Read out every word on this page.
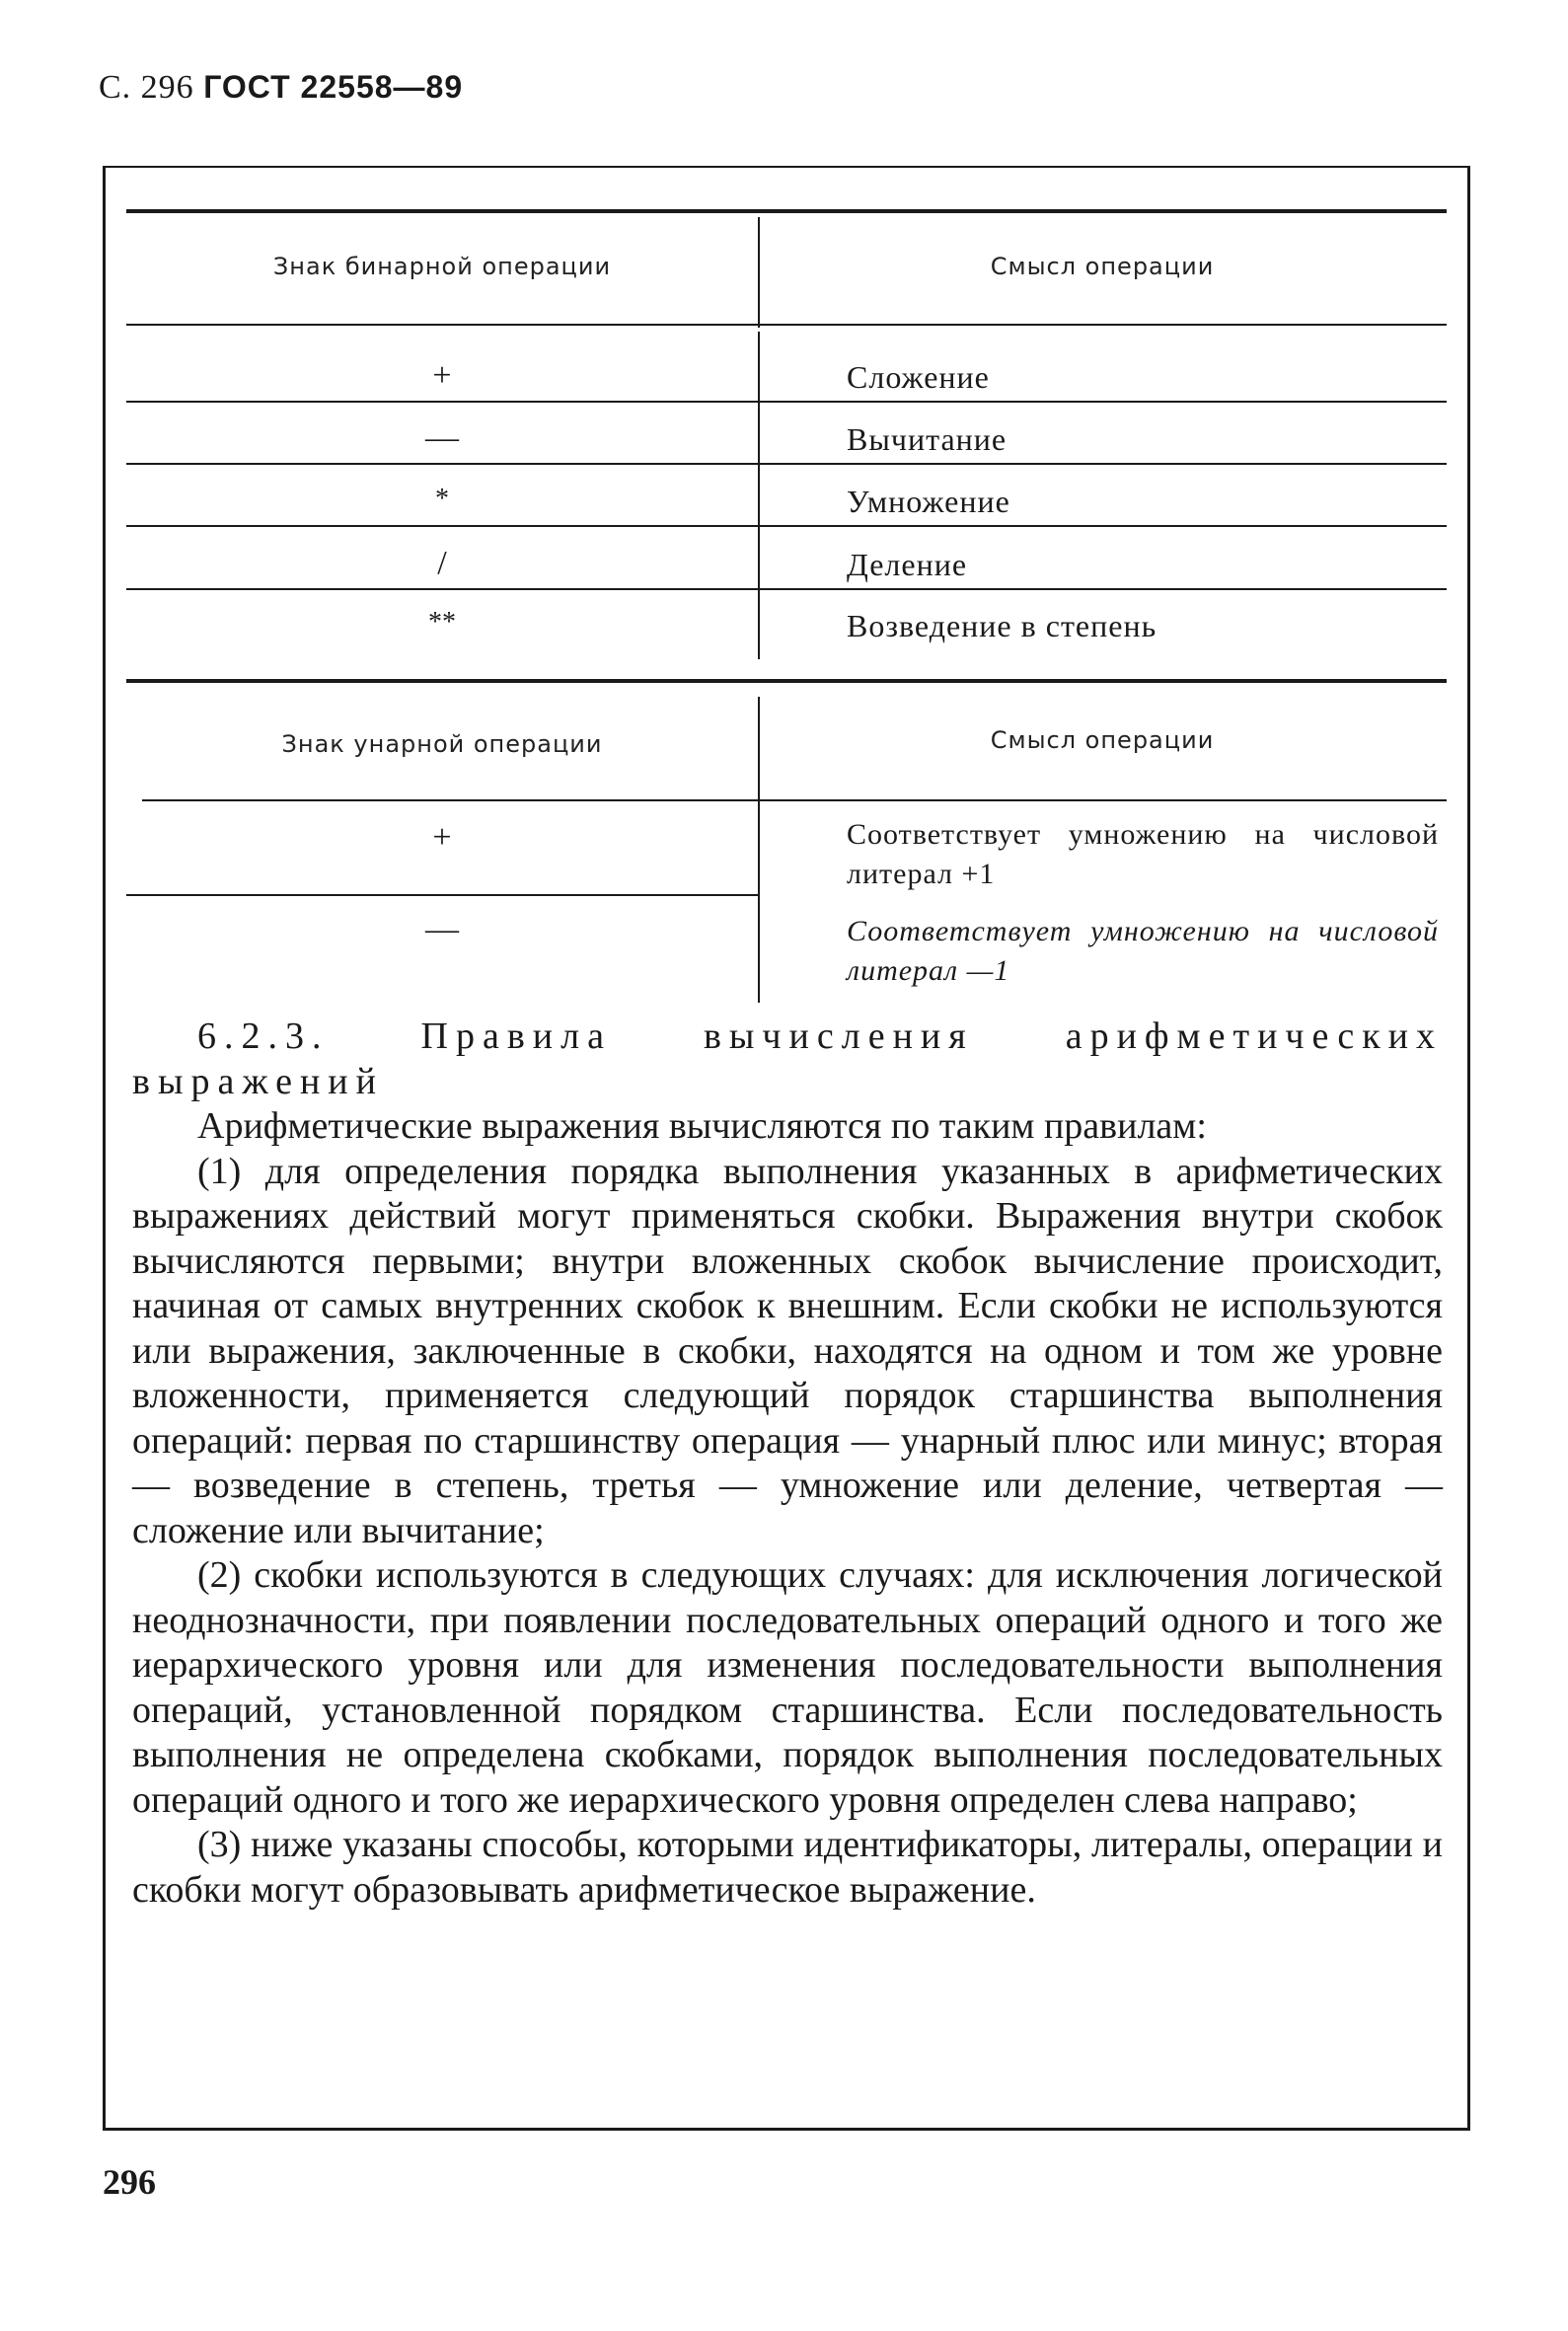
С. 296 ГОСТ 22558—89
Знак бинарной операции	Смысл операции
+	Сложение
—	Вычитание
*	Умножение
/	Деление
**	Возведение в степень
Знак унарной операции	Смысл операции
+	Соответствует умножению на числовой литерал +1
—	Соответствует умножению на числовой литерал —1

6.2.3. Правила вычисления арифметических выражений

Арифметические выражения вычисляются по таким правилам:

(1) для определения порядка выполнения указанных в арифметических выражениях действий могут применяться скобки. Выражения внутри скобок вычисляются первыми; внутри вложенных скобок вычисление происходит, начиная от самых внутренних скобок к внешним. Если скобки не используются или выражения, заключенные в скобки, находятся на одном и том же уровне вложенности, применяется следующий порядок старшинства выполнения операций: первая по старшинству операция — унарный плюс или минус; вторая — возведение в степень, третья — умножение или деление, четвертая — сложение или вычитание;

(2) скобки используются в следующих случаях: для исключения логической неоднозначности, при появлении последовательных операций одного и того же иерархического уровня или для изменения последовательности выполнения операций, установленной порядком старшинства. Если последовательность выполнения не определена скобками, порядок выполнения последовательных операций одного и того же иерархического уровня определен слева направо;

(3) ниже указаны способы, которыми идентификаторы, литералы, операции и скобки могут образовывать арифметическое выражение.

296
